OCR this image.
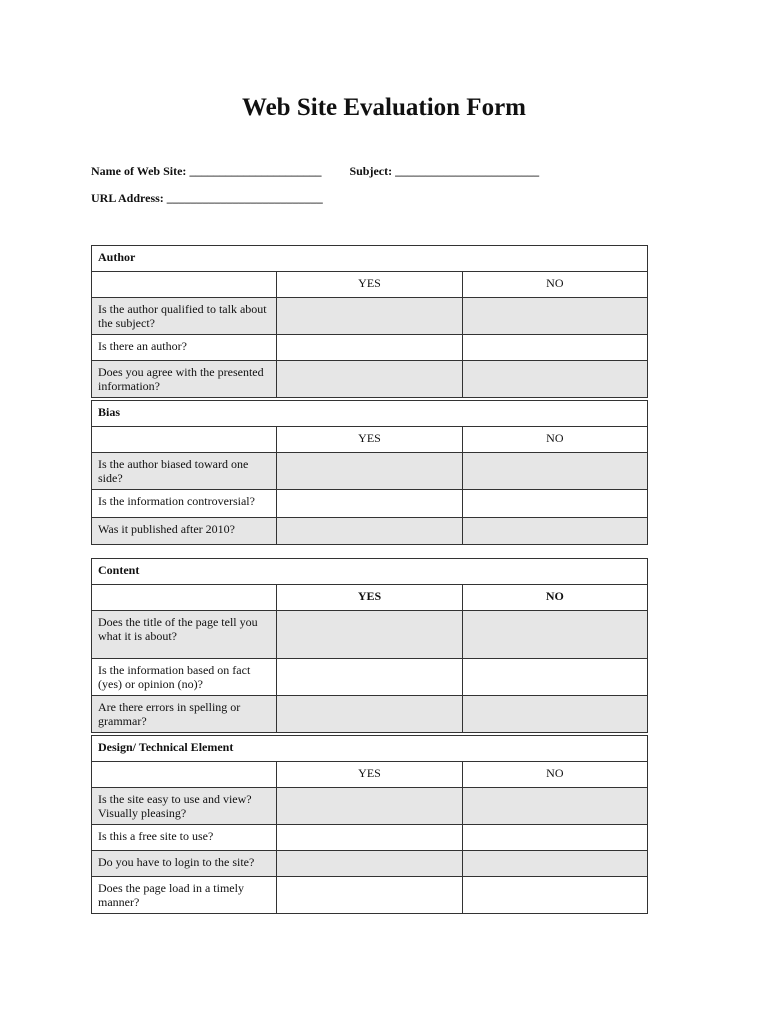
Web Site Evaluation Form
Name of Web Site: ______________________ Subject: ________________________
URL Address: __________________________
Author		
	YES	NO
Is the author qualified to talk about the subject?		
Is there an author?		
Does you agree with the presented information?		
Bias		
	YES	NO
Is the author biased toward one side?		
Is the information controversial?		
Was it published after 2010?		
Content		
	YES	NO
Does the title of the page tell you what it is about?		
Is the information based on fact (yes) or opinion (no)?		
Are there errors in spelling or grammar?		
Design/ Technical Element		
	YES	NO
Is the site easy to use and view? Visually pleasing?		
Is this a free site to use?		
Do you have to login to the site?		
Does the page load in a timely manner?		
